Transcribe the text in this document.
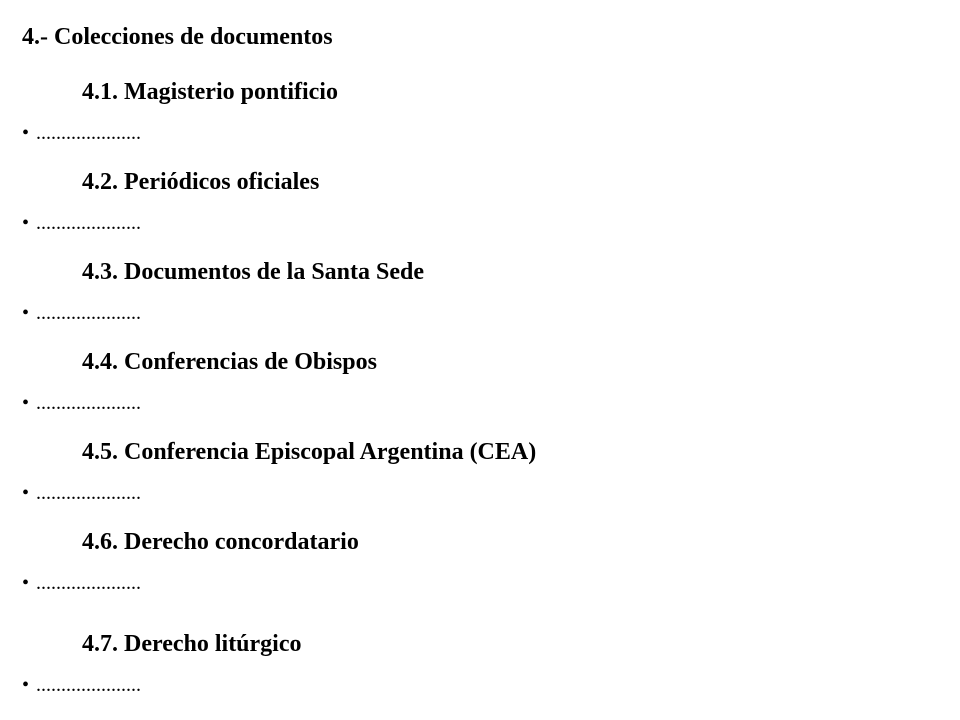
4.- Colecciones de documentos
4.1. Magisterio pontificio
• .....................
4.2. Periódicos oficiales
• .....................
4.3. Documentos de la Santa Sede
• .....................
4.4. Conferencias de Obispos
• .....................
4.5. Conferencia Episcopal Argentina (CEA)
• .....................
4.6. Derecho concordatario
• .....................
4.7. Derecho litúrgico
• .....................
